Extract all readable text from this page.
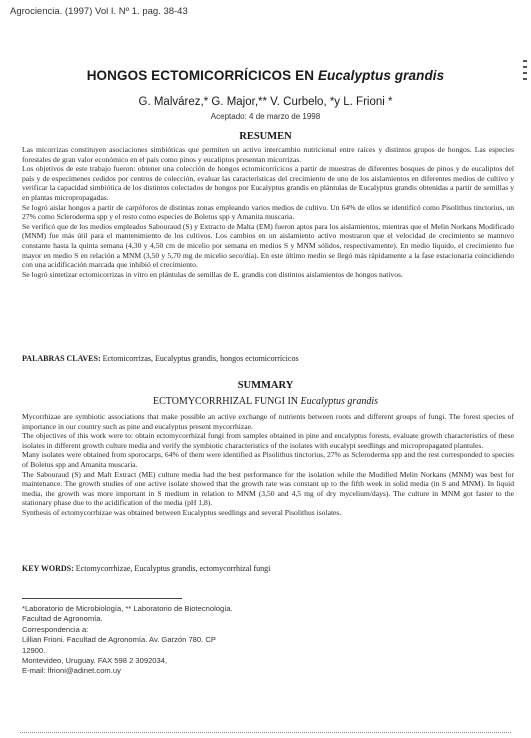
Agrociencia. (1997) Vol I. Nº 1. pag. 38-43
HONGOS ECTOMICORRÍCICOS EN Eucalyptus grandis
G. Malvárez,* G. Major,** V. Curbelo, *y L. Frioni *
Aceptado: 4 de marzo de 1998
RESUMEN

Las micorrizas constituyen asociaciones simbióticas que permiten un activo intercambio nutricional entre raíces y distintos grupos de hongos. Las especies forestales de gran valor económico en el país como pinos y eucaliptos presentan micorrizas.

Los objetivos de este trabajo fueron: obtener una colección de hongos ectomicorrícicos a partir de muestras de diferentes bosques de pinos y de eucaliptos del país y de especímenes cedidos por centros de colección, evaluar las características del crecimiento de uno de los aislamientos en diferentes medios de cultivo y verificar la capacidad simbiótica de los distintos colectados de hongos por Eucalyptus grandis en plántulas de Eucalyptus grandis obtenidas a partir de semillas y en plantas micropropagadas.

Se logró aislar hongos a partir de carpóforos de distintas zonas empleando varios medios de cultivo. Un 64% de ellos se identificó como Pisolithus tinctorius, un 27% como Scleroderma spp y el resto como especies de Boletus spp y Amanita muscaria.

Se verificó que de los medios empleados Sabouraud (S) y Extracto de Malta (EM) fueron aptos para los aislamientos, mientras que el Melin Norkans Modificado (MNM) fue más útil para el mantenimiento de los cultivos. Los cambios en un aislamiento activo mostraron que el velocidad de crecimiento se mantuvo constante hasta la quinta semana (4,30 y 4,50 cm de micelio por semana en medios S y MNM sólidos, respectivamente). En medio líquido, el crecimiento fue mayor en medio S en relación a MNM (3,50 y 5,70 mg de micelio seco/día). En este último medio se llegó más rápidamente a la fase estacionaria coincidiendo con una acidificación marcada que inhibió el crecimiento.

Se logró sintetizar ectomicorrizas in vitro en plántulas de semillas de E. grandis con distintos aislamientos de hongos nativos.

PALABRAS CLAVES: Ectomicorrizas, Eucalyptus grandis, hongos ectomicorrícicos
SUMMARY
ECTOMYCORRHIZAL FUNGI IN Eucalyptus grandis

Mycorrhizae are symbiotic associations that make possible an active exchange of nutrients between roots and different groups of fungi. The forest species of importance in our country such as pine and eucalyptus present mycorrhizae.

The objectives of this work were to: obtain ectomycorrhizal fungi from samples obtained in pine and eucalyptus forests, evaluate growth characteristics of these isolates in different growth culture media and verify the symbiotic characteristics of the isolates with eucalypt seedlings and micropropagated plantules.

Many isolates were obtained from sporocarps, 64% of them were identified as Pisolithus tinctorius, 27% as Scleroderma spp and the rest corresponded to species of Boletus spp and Amanita muscaria.

The Sabouraud (S) and Malt Extract (ME) culture media had the best performance for the isolation while the Modified Melin Norkans (MNM) was best for maintenance. The growth studies of one active isolate showed that the growth rate was constant up to the fifth week in solid media (in S and MNM). In liquid media, the growth was more important in S medium in relation to MNM (3,50 and 4,5 mg of dry mycelium/days). The culture in MNM got faster to the stationary phase due to the acidification of the media (pH 1,8).

Synthesis of ectomycorrhizae was obtained between Eucalyptus seedlings and several Pisolithus isolates.

KEY WORDS: Ectomycorrhizae, Eucalyptus grandis, ectomycorrhizal fungi
*Laboratorio de Microbiología, ** Laboratorio de Biotecnología.
Facultad de Agronomía.
Correspondencia a:
Lillian Frioni. Facultad de Agronomía. Av. Garzón 780. CP
12900.
Montevideo, Uruguay. FAX 598 2 3092034,
E-mail: lfrioni@adinet.com.uy
